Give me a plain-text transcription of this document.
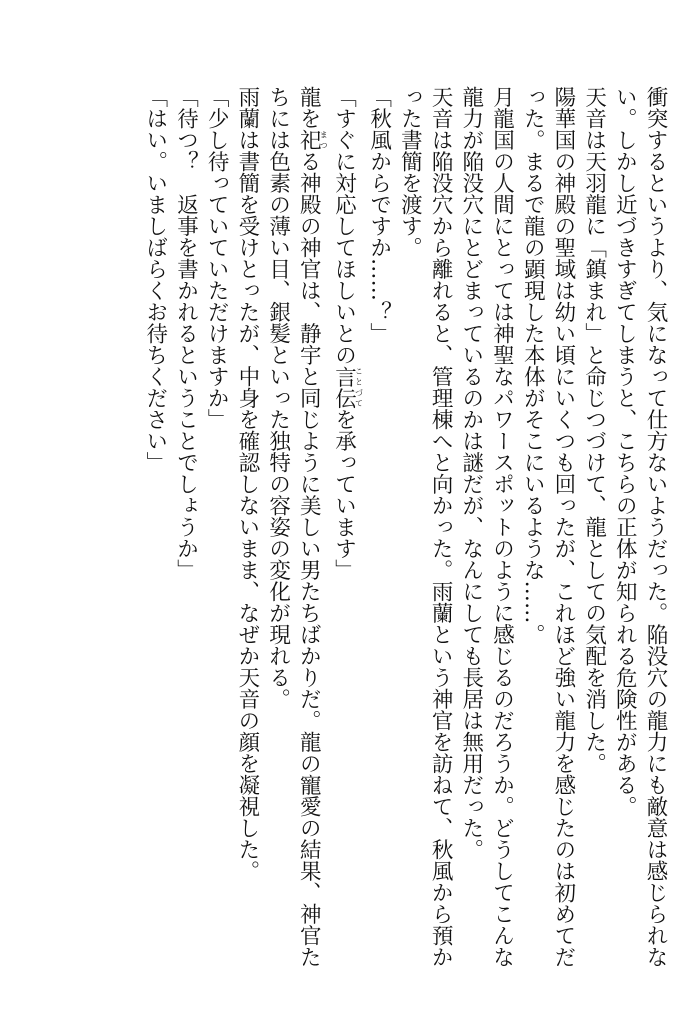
衝突するというより、気になって仕方ないようだった。陥没穴の龍力にも敵意は感じられな
い。しかし近づきすぎてしまうと、こちらの正体が知られる危険性がある。
天音は天羽龍に「鎮まれ」と命じつづけて、龍としての気配を消した。
陽華国の神殿の聖域は幼い頃にいくつも回ったが、これほど強い龍力を感じたのは初めてだ
った。まるで龍の顕現した本体がそこにいるような……。
月龍国の人間にとっては神聖なパワースポットのように感じるのだろうか。どうしてこんな
龍力が陥没穴にとどまっているのかは謎だが、なんにしても長居は無用だった。
天音は陥没穴から離れると、管理棟へと向かった。雨蘭という神官を訪ねて、秋風から預か
った書簡を渡す。
「秋風からですか……？」
「すぐに対応してほしいとの言伝ことづてを承っています」
龍を祀まつる神殿の神官は、静宇と同じように美しい男たちばかりだ。龍の寵愛の結果、神官た
ちには色素の薄い目、銀髪といった独特の容姿の変化が現れる。
雨蘭は書簡を受けとったが、中身を確認しないまま、なぜか天音の顔を凝視した。
「少し待っていていただけますか」
「待つ？　返事を書かれるということでしょうか」
「はい。いましばらくお待ちください」
